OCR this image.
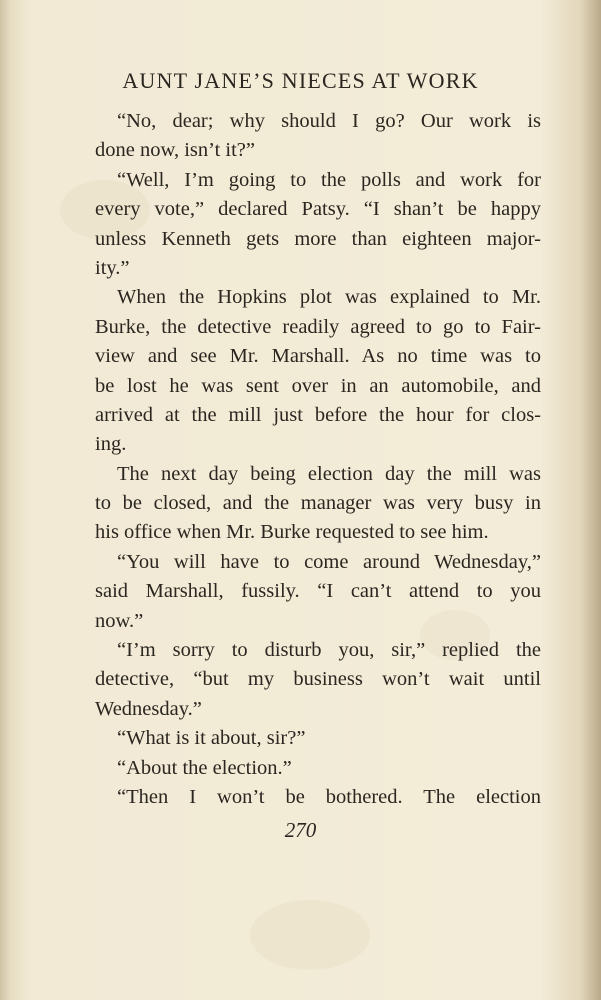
AUNT JANE’S NIECES AT WORK
“No, dear; why should I go? Our work is
done now, isn’t it?”
“Well, I’m going to the polls and work for
every vote,” declared Patsy. “I shan’t be happy
unless Kenneth gets more than eighteen major-
ity.”
When the Hopkins plot was explained to Mr.
Burke, the detective readily agreed to go to Fair-
view and see Mr. Marshall. As no time was to
be lost he was sent over in an automobile, and
arrived at the mill just before the hour for clos-
ing.
The next day being election day the mill was
to be closed, and the manager was very busy in
his office when Mr. Burke requested to see him.
“You will have to come around Wednesday,”
said Marshall, fussily. “I can’t attend to you
now.”
“I’m sorry to disturb you, sir,” replied the
detective, “but my business won’t wait until
Wednesday.”
“What is it about, sir?”
“About the election.”
“Then I won’t be bothered. The election
270
